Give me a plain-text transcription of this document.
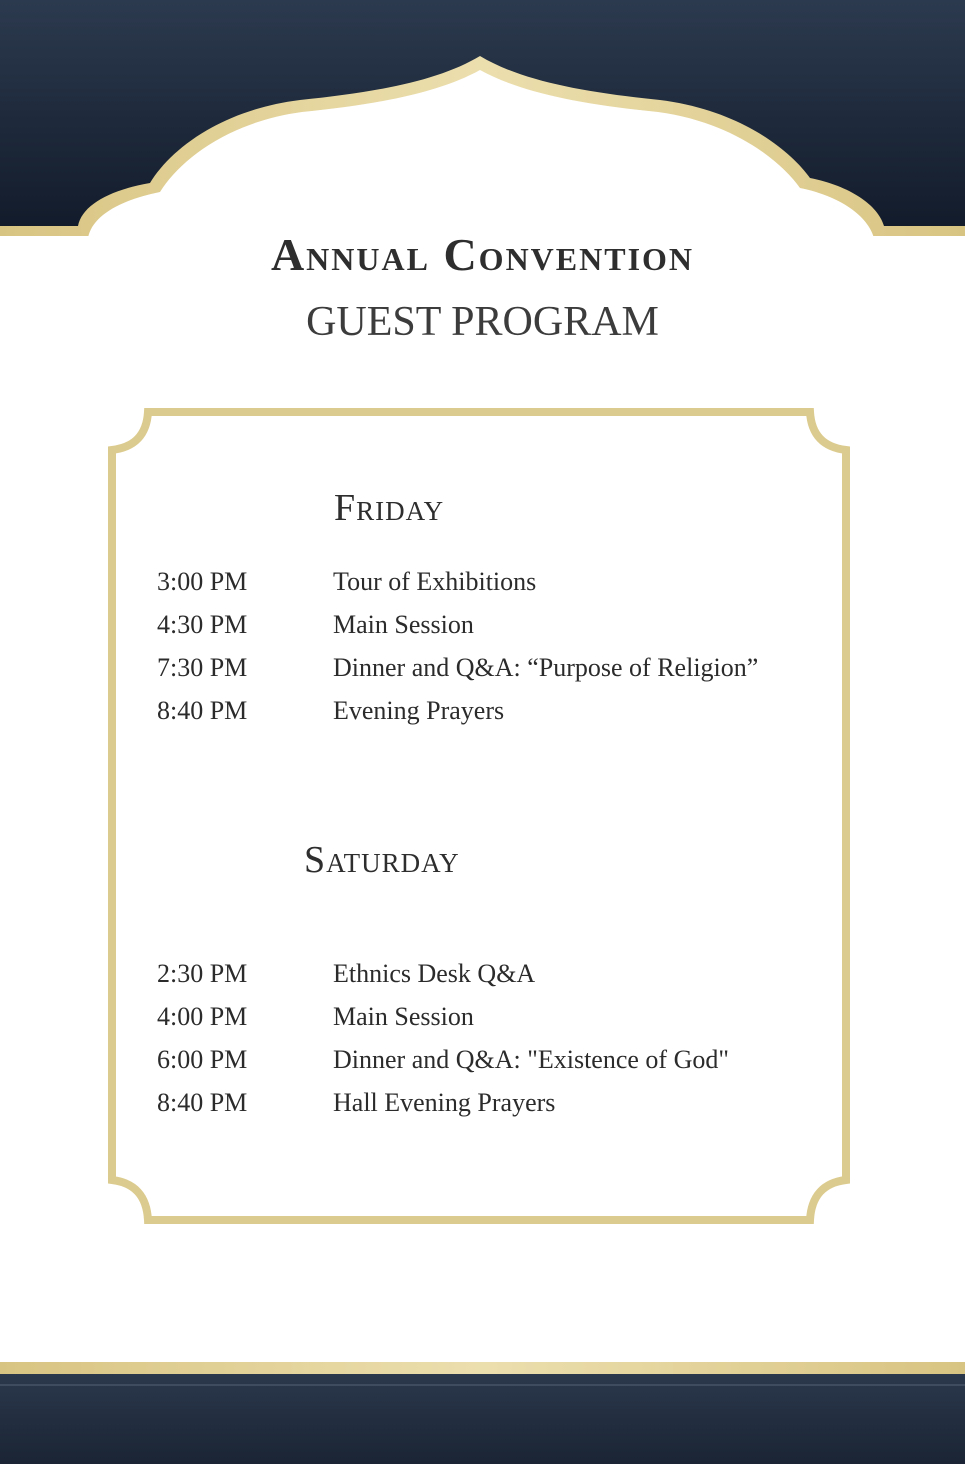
Annual Convention
GUEST PROGRAM
Friday
3:00 PM	Tour of Exhibitions
4:30 PM	Main Session
7:30 PM	Dinner and Q&A: “Purpose of Religion”
8:40 PM	Evening Prayers
Saturday
2:30 PM	Ethnics Desk Q&A
4:00 PM	Main Session
6:00 PM	Dinner and Q&A: "Existence of God"
8:40 PM	Hall Evening Prayers
